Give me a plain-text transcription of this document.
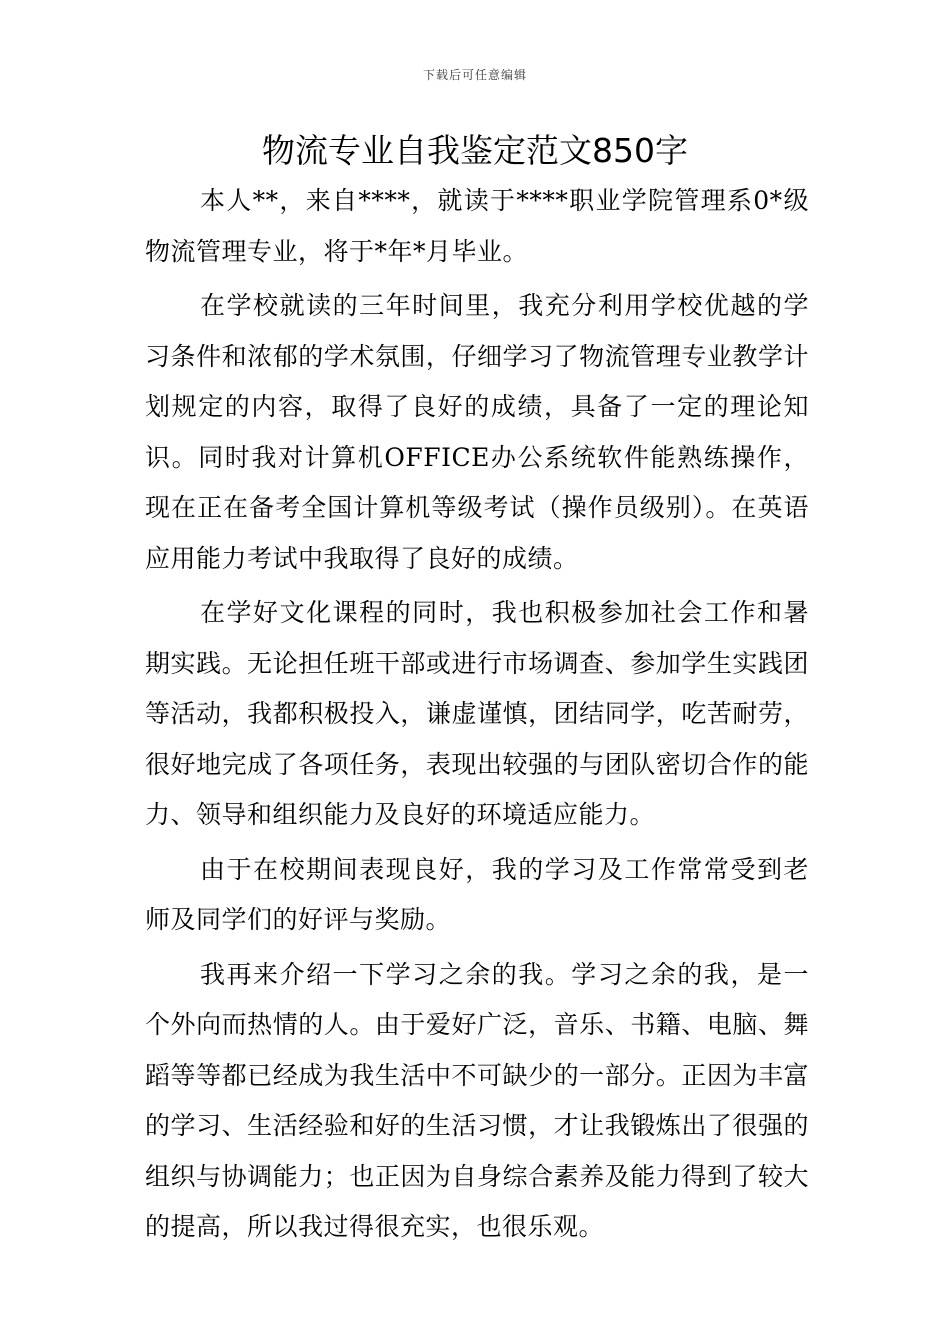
下载后可任意编辑
物流专业自我鉴定范文850字

本人**，来自****，就读于****职业学院管理系0*级物流管理专业，将于*年*月毕业。

在学校就读的三年时间里，我充分利用学校优越的学习条件和浓郁的学术氛围，仔细学习了物流管理专业教学计划规定的内容，取得了良好的成绩，具备了一定的理论知识。同时我对计算机OFFICE办公系统软件能熟练操作，现在正在备考全国计算机等级考试（操作员级别）。在英语应用能力考试中我取得了良好的成绩。

在学好文化课程的同时，我也积极参加社会工作和暑期实践。无论担任班干部或进行市场调查、参加学生实践团等活动，我都积极投入，谦虚谨慎，团结同学，吃苦耐劳，很好地完成了各项任务，表现出较强的与团队密切合作的能力、领导和组织能力及良好的环境适应能力。

由于在校期间表现良好，我的学习及工作常常受到老师及同学们的好评与奖励。

我再来介绍一下学习之余的我。学习之余的我，是一个外向而热情的人。由于爱好广泛，音乐、书籍、电脑、舞蹈等等都已经成为我生活中不可缺少的一部分。正因为丰富的学习、生活经验和好的生活习惯，才让我锻炼出了很强的组织与协调能力；也正因为自身综合素养及能力得到了较大的提高，所以我过得很充实，也很乐观。
